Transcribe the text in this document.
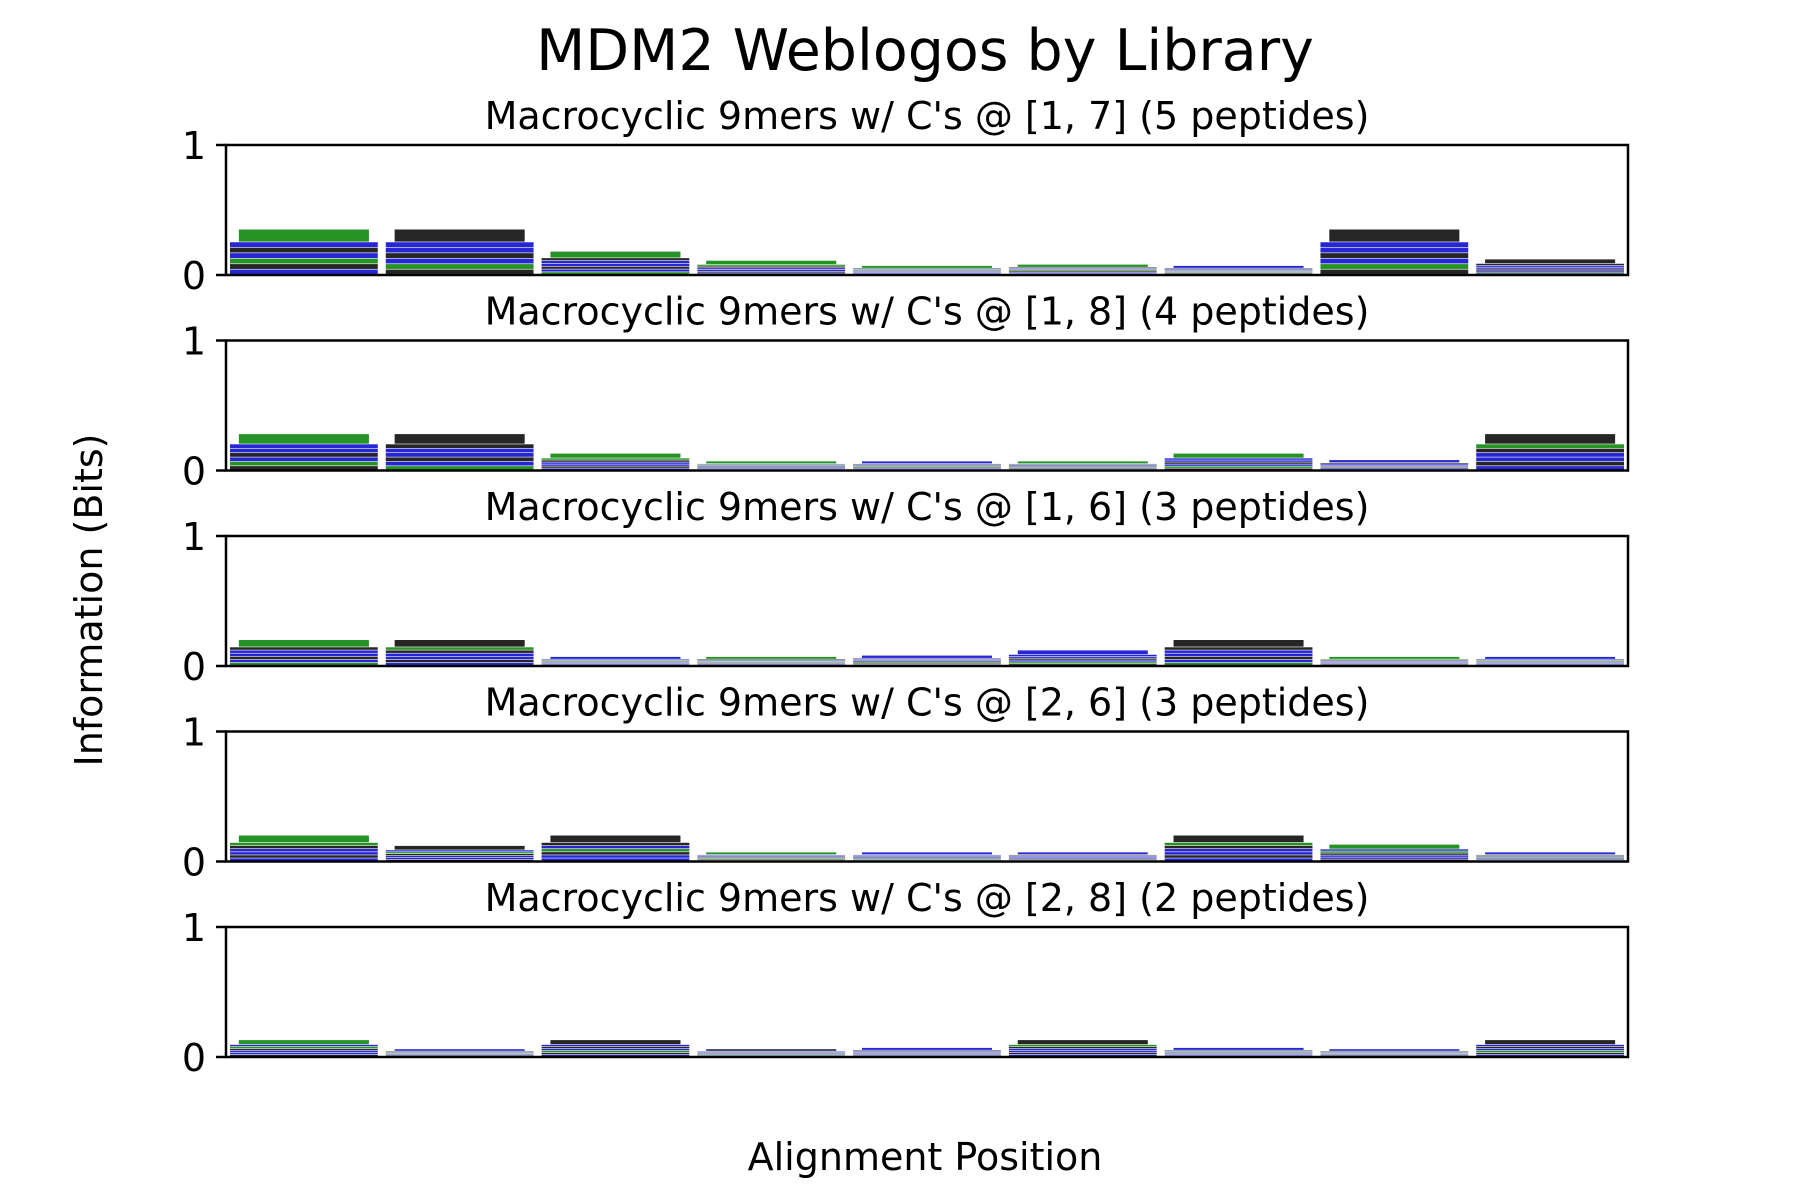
MDM2 Weblogos by Library
Alignment Position
Information (Bits)
Macrocyclic 9mers w/ C's @ [1, 7] (5 peptides)
0
1
Macrocyclic 9mers w/ C's @ [1, 8] (4 peptides)
0
1
Macrocyclic 9mers w/ C's @ [1, 6] (3 peptides)
0
1
Macrocyclic 9mers w/ C's @ [2, 6] (3 peptides)
0
1
Macrocyclic 9mers w/ C's @ [2, 8] (2 peptides)
0
1
